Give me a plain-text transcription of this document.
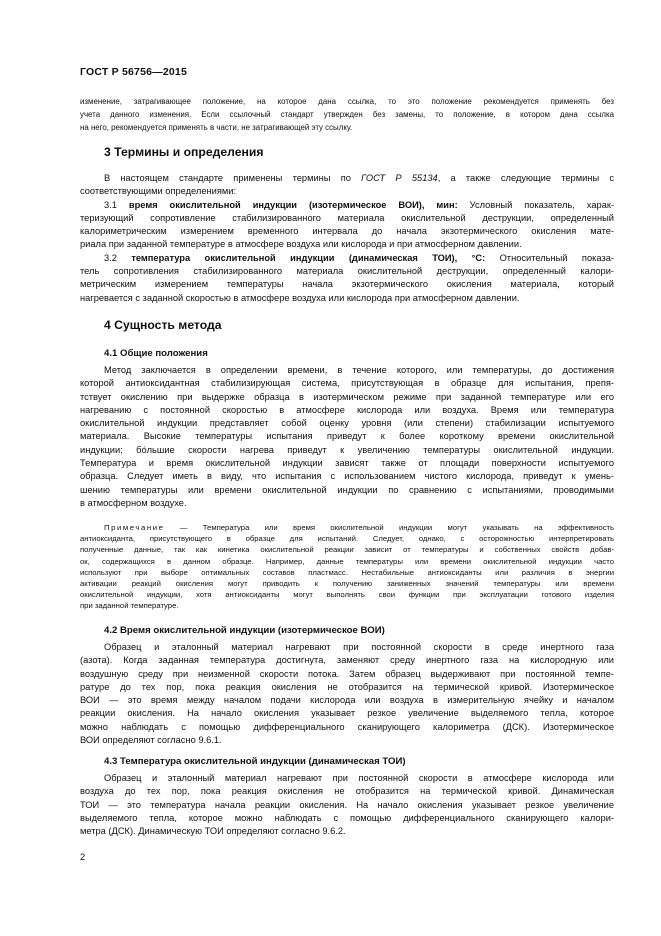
ГОСТ Р 56756—2015
изменение, затрагивающее положение, на которое дана ссылка, то это положение рекомендуется применять без
учета данного изменения. Если ссылочный стандарт утвержден без замены, то положение, в котором дана ссылка
на него, рекомендуется применять в части, не затрагивающей эту ссылку.
3 Термины и определения
В настоящем стандарте применены термины по ГОСТ Р 55134, а также следующие термины с
соответствующими определениями:
3.1 время окислительной индукции (изотермическое ВОИ), мин: Условный показатель, харак-
теризующий сопротивление стабилизированного материала окислительной деструкции, определенный
калориметрическим измерением временного интервала до начала экзотермического окисления мате-
риала при заданной температуре в атмосфере воздуха или кислорода и при атмосферном давлении.
3.2 температура окислительной индукции (динамическая ТОИ), °С: Относительный показа-
тель сопротивления стабилизированного материала окислительной деструкции, определенный калори-
метрическим измерением температуры начала экзотермического окисления материала, который
нагревается с заданной скоростью в атмосфере воздуха или кислорода при атмосферном давлении.
4 Сущность метода
4.1 Общие положения
Метод заключается в определении времени, в течение которого, или температуры, до достижения
которой антиоксидантная стабилизирующая система, присутствующая в образце для испытания, препя-
тствует окислению при выдержке образца в изотермическом режиме при заданной температуре или его
нагреванию с постоянной скоростью в атмосфере кислорода или воздуха. Время или температура
окислительной индукции представляет собой оценку уровня (или степени) стабилизации испытуемого
материала. Высокие температуры испытания приведут к более короткому времени окислительной
индукции; бóльшие скорости нагрева приведут к увеличению температуры окислительной индукции.
Температура и время окислительной индукции зависят также от площади поверхности испытуемого
образца. Следует иметь в виду, что испытания с использованием чистого кислорода, приведут к умень-
шению температуры или времени окислительной индукции по сравнению с испытаниями, проводимыми
в атмосферном воздухе.
Примечание — Температура или время окислительной индукции могут указывать на эффективность
антиоксиданта, присутствующего в образце для испытаний. Следует, однако, с осторожностью интерпретировать
полученные данные, так как кинетика окислительной реакции зависит от температуры и собственных свойств добав-
ок, содержащихся в данном образце. Например, данные температуры или времени окислительной индукции часто
используют при выборе оптимальных составов пластмасс. Нестабильные антиоксиданты или различия в энергии
активации реакций окисления могут приводить к получению заниженных значений температуры или времени
окислительной индукции, хотя антиоксиданты могут выполнять свои функции при эксплуатации готового изделия
при заданной температуре.
4.2 Время окислительной индукции (изотермическое ВОИ)
Образец и эталонный материал нагревают при постоянной скорости в среде инертного газа
(азота). Когда заданная температура достигнута, заменяют среду инертного газа на кислородную или
воздушную среду при неизменной скорости потока. Затем образец выдерживают при постоянной темпе-
ратуре до тех пор, пока реакция окисления не отобразится на термической кривой. Изотермическое
ВОИ — это время между началом подачи кислорода или воздуха в измерительную ячейку и началом
реакции окисления. На начало окисления указывает резкое увеличение выделяемого тепла, которое
можно наблюдать с помощью дифференциального сканирующего калориметра (ДСК). Изотермическое
ВОИ определяют согласно 9.6.1.
4.3 Температура окислительной индукции (динамическая ТОИ)
Образец и эталонный материал нагревают при постоянной скорости в атмосфере кислорода или
воздуха до тех пор, пока реакция окисления не отобразится на термической кривой. Динамическая
ТОИ — это температура начала реакции окисления. На начало окисления указывает резкое увеличение
выделяемого тепла, которое можно наблюдать с помощью дифференциального сканирующего калори-
метра (ДСК). Динамическую ТОИ определяют согласно 9.6.2.
2
